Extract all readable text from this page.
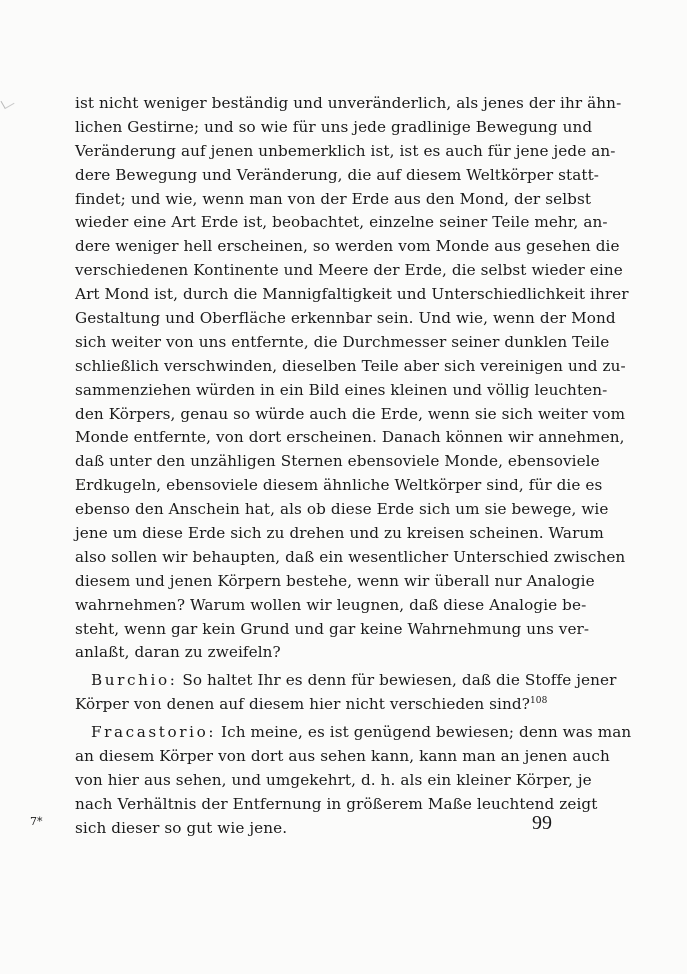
ist nicht weniger beständig und unveränderlich, als jenes der ihr ähn-
lichen Gestirne; und so wie für uns jede gradlinige Bewegung und
Veränderung auf jenen unbemerklich ist, ist es auch für jene jede an-
dere Bewegung und Veränderung, die auf diesem Weltkörper statt-
findet; und wie, wenn man von der Erde aus den Mond, der selbst
wieder eine Art Erde ist, beobachtet, einzelne seiner Teile mehr, an-
dere weniger hell erscheinen, so werden vom Monde aus gesehen die
verschiedenen Kontinente und Meere der Erde, die selbst wieder eine
Art Mond ist, durch die Mannigfaltigkeit und Unterschiedlichkeit ihrer
Gestaltung und Oberfläche erkennbar sein. Und wie, wenn der Mond
sich weiter von uns entfernte, die Durchmesser seiner dunklen Teile
schließlich verschwinden, dieselben Teile aber sich vereinigen und zu-
sammenziehen würden in ein Bild eines kleinen und völlig leuchten-
den Körpers, genau so würde auch die Erde, wenn sie sich weiter vom
Monde entfernte, von dort erscheinen. Danach können wir annehmen,
daß unter den unzähligen Sternen ebensoviele Monde, ebensoviele
Erdkugeln, ebensoviele diesem ähnliche Weltkörper sind, für die es
ebenso den Anschein hat, als ob diese Erde sich um sie bewege, wie
jene um diese Erde sich zu drehen und zu kreisen scheinen. Warum
also sollen wir behaupten, daß ein wesentlicher Unterschied zwischen
diesem und jenen Körpern bestehe, wenn wir überall nur Analogie
wahrnehmen? Warum wollen wir leugnen, daß diese Analogie be-
steht, wenn gar kein Grund und gar keine Wahrnehmung uns ver-
anlaßt, daran zu zweifeln?
Burchio: So haltet Ihr es denn für bewiesen, daß die Stoffe jener
Körper von denen auf diesem hier nicht verschieden sind?$^{108}$
Fracastorio: Ich meine, es ist genügend bewiesen; denn was man
an diesem Körper von dort aus sehen kann, kann man an jenen auch
von hier aus sehen, und umgekehrt, d. h. als ein kleiner Körper, je
nach Verhältnis der Entfernung in größerem Maße leuchtend zeigt
sich dieser so gut wie jene.
7*	99
